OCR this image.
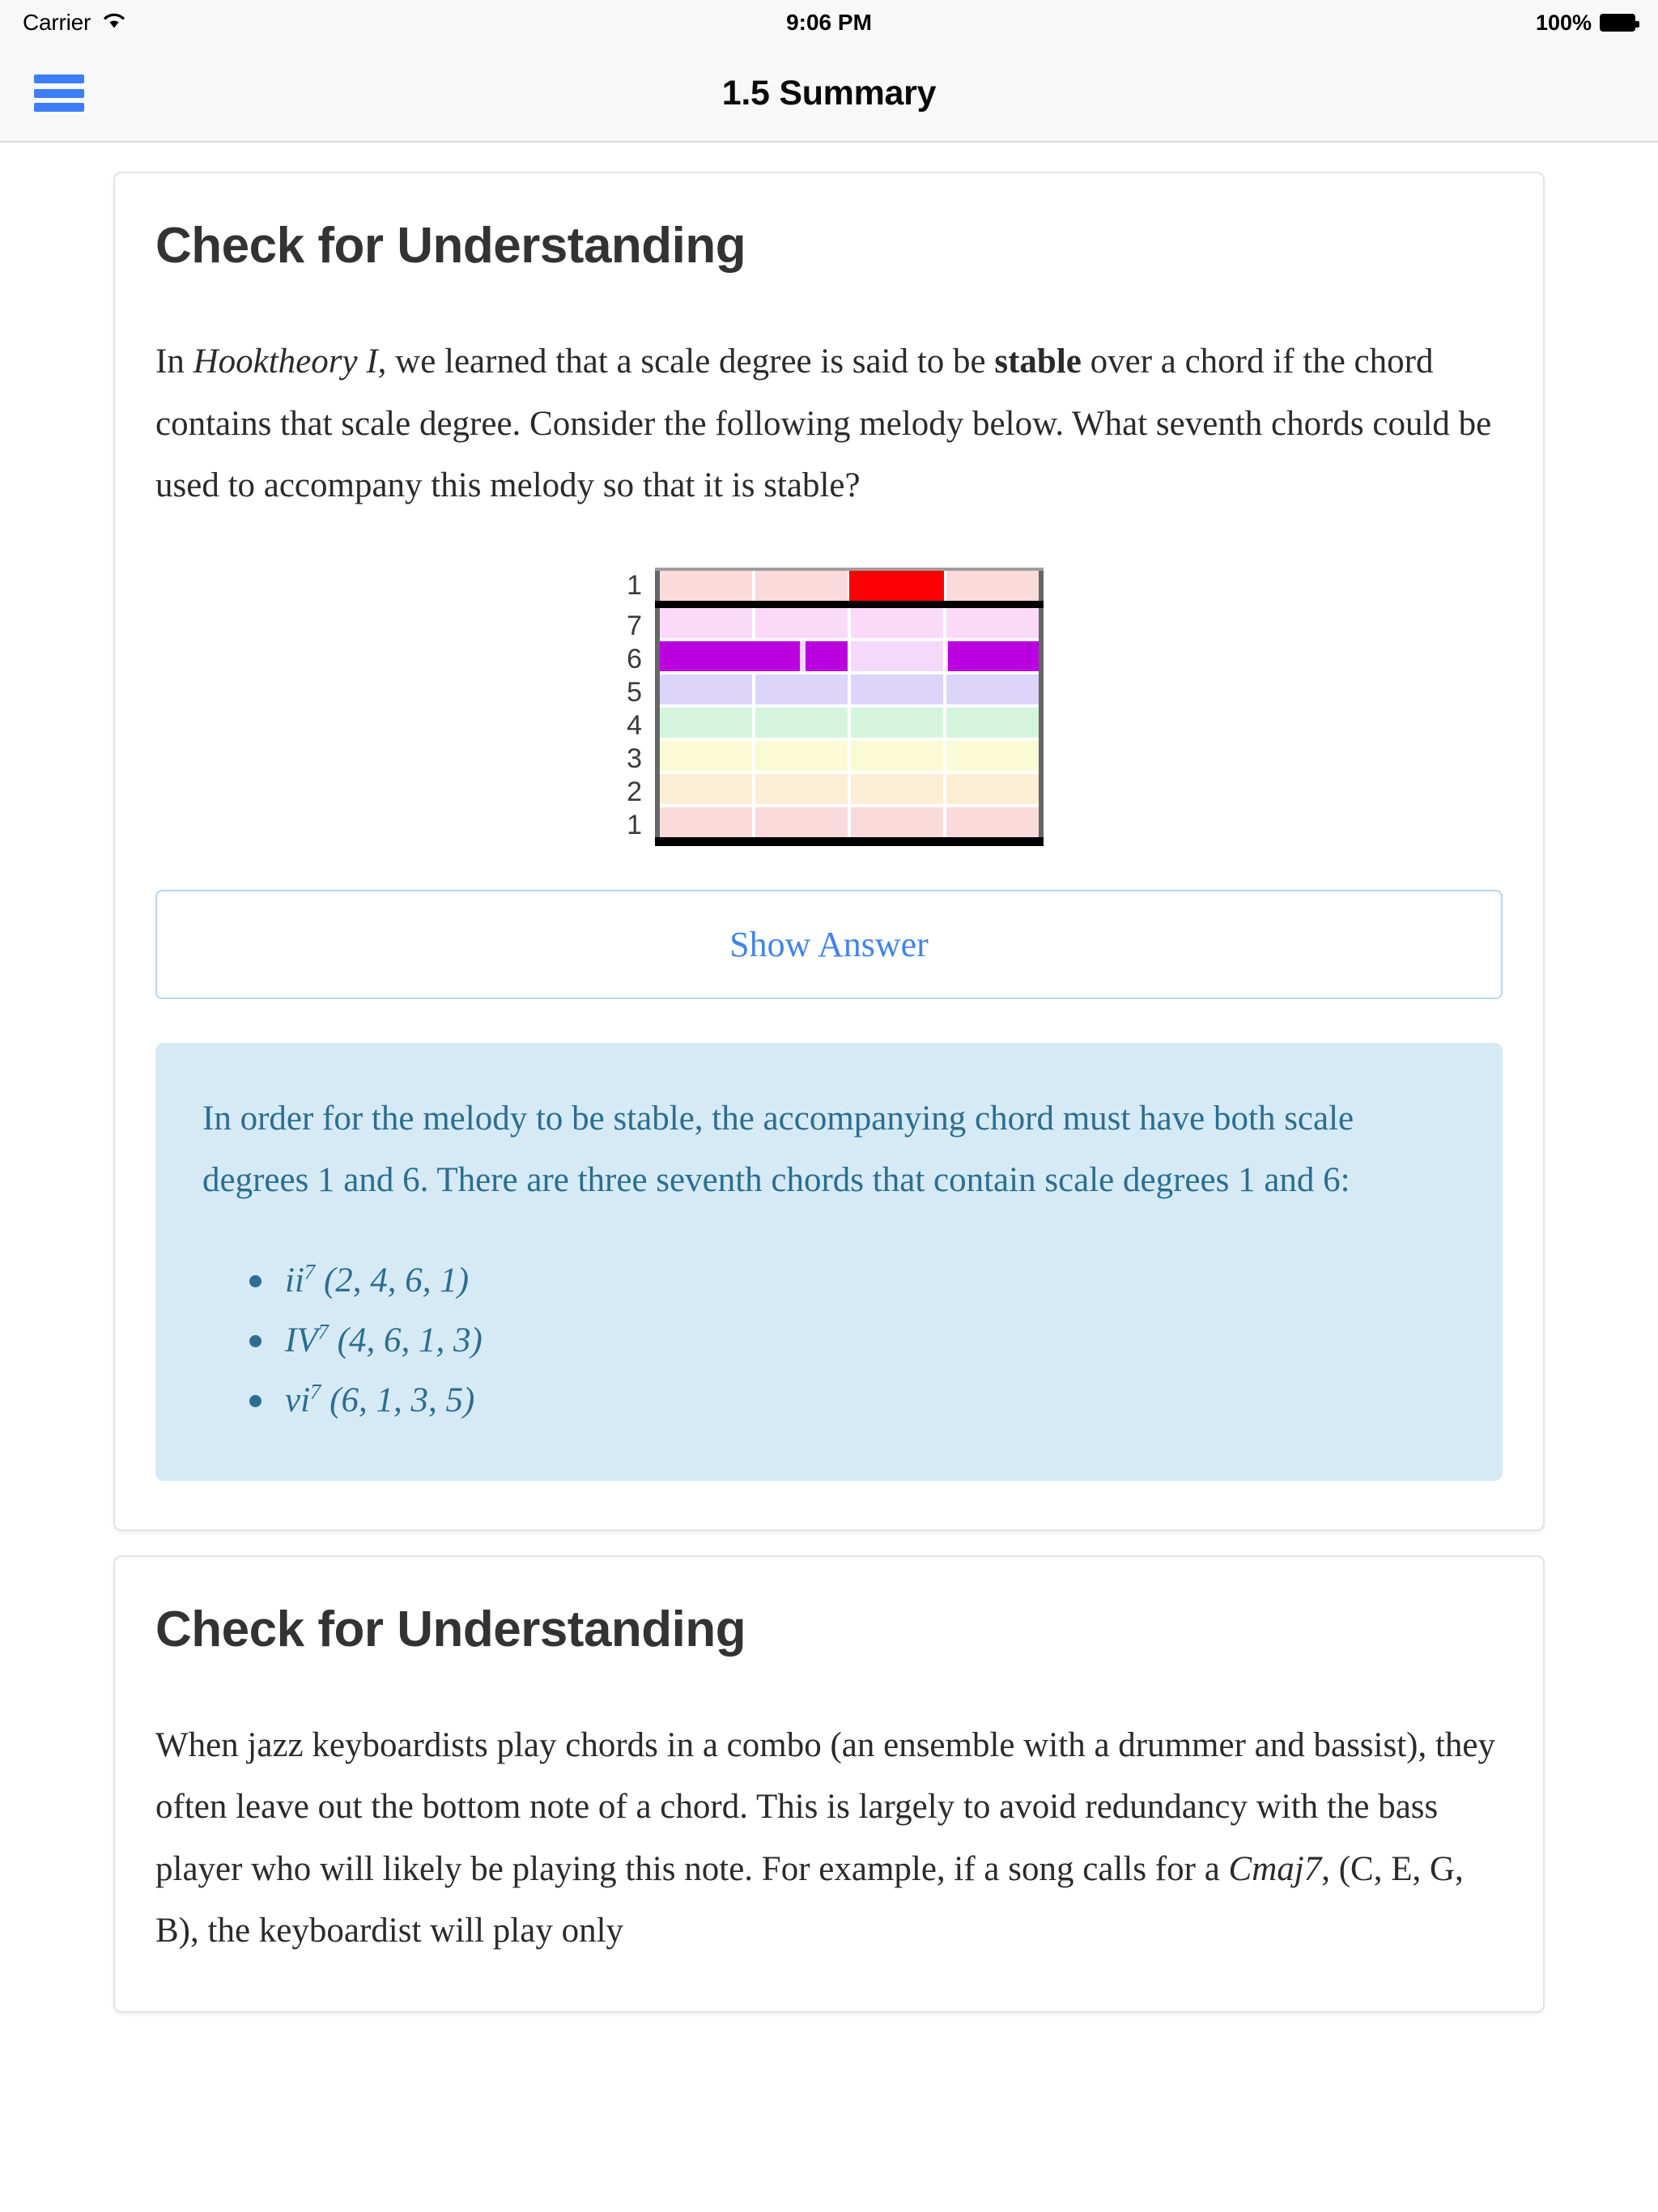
Carrier	9:06 PM	100%
1.5 Summary
Check for Understanding

In Hooktheory I, we learned that a scale degree is said to be stable over a chord if the chord contains that scale degree. Consider the following melody below. What seventh chords could be used to accompany this melody so that it is stable?

1
7
6
5
4
3
2
1
Show Answer

In order for the melody to be stable, the accompanying chord must have both scale degrees 1 and 6. There are three seventh chords that contain scale degrees 1 and 6:

$ii^7$ (2, 4, 6, 1)
$IV^7$ (4, 6, 1, 3)
$vi^7$ (6, 1, 3, 5)
Check for Understanding

When jazz keyboardists play chords in a combo (an ensemble with a drummer and bassist), they often leave out the bottom note of a chord. This is largely to avoid redundancy with the bass player who will likely be playing this note. For example, if a song calls for a Cmaj7, (C, E, G, B), the keyboardist will play only
